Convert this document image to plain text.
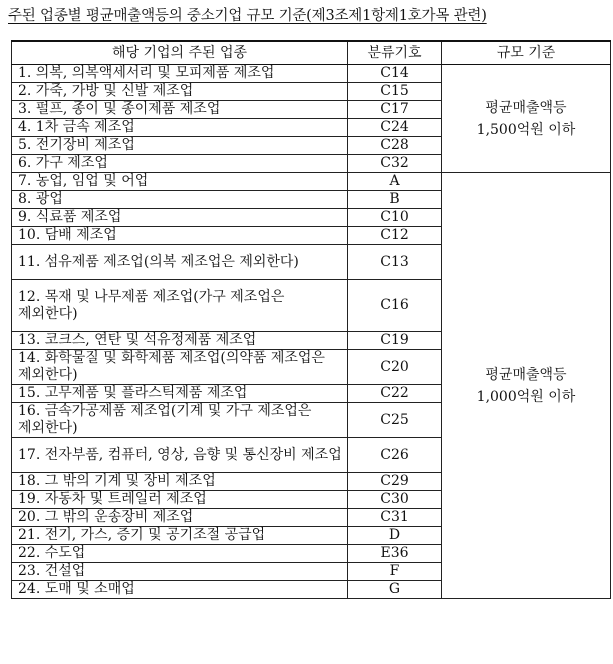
주된 업종별 평균매출액등의 중소기업 규모 기준(제3조제1항제1호가목 관련)
해당 기업의 주된 업종	분류기호	규모 기준
1. 의복, 의복액세서리 및 모피제품 제조업	C14	평균매출액등
1,500억원 이하

2. 가죽, 가방 및 신발 제조업	C15	
3. 펄프, 종이 및 종이제품 제조업	C17	
4. 1차 금속 제조업	C24	
5. 전기장비 제조업	C28	
6. 가구 제조업	C32	
7. 농업, 임업 및 어업	A	평균매출액등
1,000억원 이하

8. 광업	B	
9. 식료품 제조업	C10	
10. 담배 제조업	C12	
11. 섬유제품 제조업(의복 제조업은 제외한다)	C13	
12. 목재 및 나무제품 제조업(가구 제조업은 제외한다)	C16	
13. 코크스, 연탄 및 석유정제품 제조업	C19	
14. 화학물질 및 화학제품 제조업(의약품 제조업은 제외한다)	C20	
15. 고무제품 및 플라스틱제품 제조업	C22	
16. 금속가공제품 제조업(기계 및 가구 제조업은 제외한다)	C25	
17. 전자부품, 컴퓨터, 영상, 음향 및 통신장비 제조업	C26	
18. 그 밖의 기계 및 장비 제조업	C29	
19. 자동차 및 트레일러 제조업	C30	
20. 그 밖의 운송장비 제조업	C31	
21. 전기, 가스, 증기 및 공기조절 공급업	D	
22. 수도업	E36	
23. 건설업	F	
24. 도매 및 소매업	G	
